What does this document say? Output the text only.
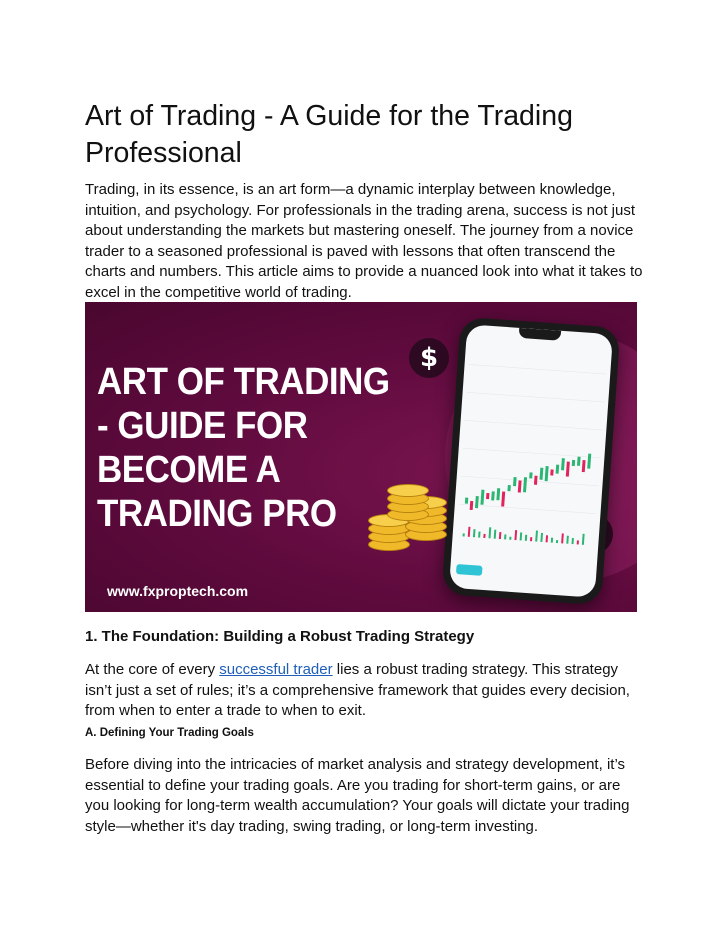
Art of Trading - A Guide for the Trading Professional

Trading, in its essence, is an art form—a dynamic interplay between knowledge, intuition, and psychology. For professionals in the trading arena, success is not just about understanding the markets but mastering oneself. The journey from a novice trader to a seasoned professional is paved with lessons that often transcend the charts and numbers. This article aims to provide a nuanced look into what it takes to excel in the competitive world of trading.

ART OF TRADING - GUIDE FOR BECOME A TRADING PRO
www.fxproptech.com
$
1. The Foundation: Building a Robust Trading Strategy

At the core of every successful trader lies a robust trading strategy. This strategy isn’t just a set of rules; it’s a comprehensive framework that guides every decision, from when to enter a trade to when to exit.

A. Defining Your Trading Goals

Before diving into the intricacies of market analysis and strategy development, it’s essential to define your trading goals. Are you trading for short-term gains, or are you looking for long-term wealth accumulation? Your goals will dictate your trading style—whether it's day trading, swing trading, or long-term investing.
